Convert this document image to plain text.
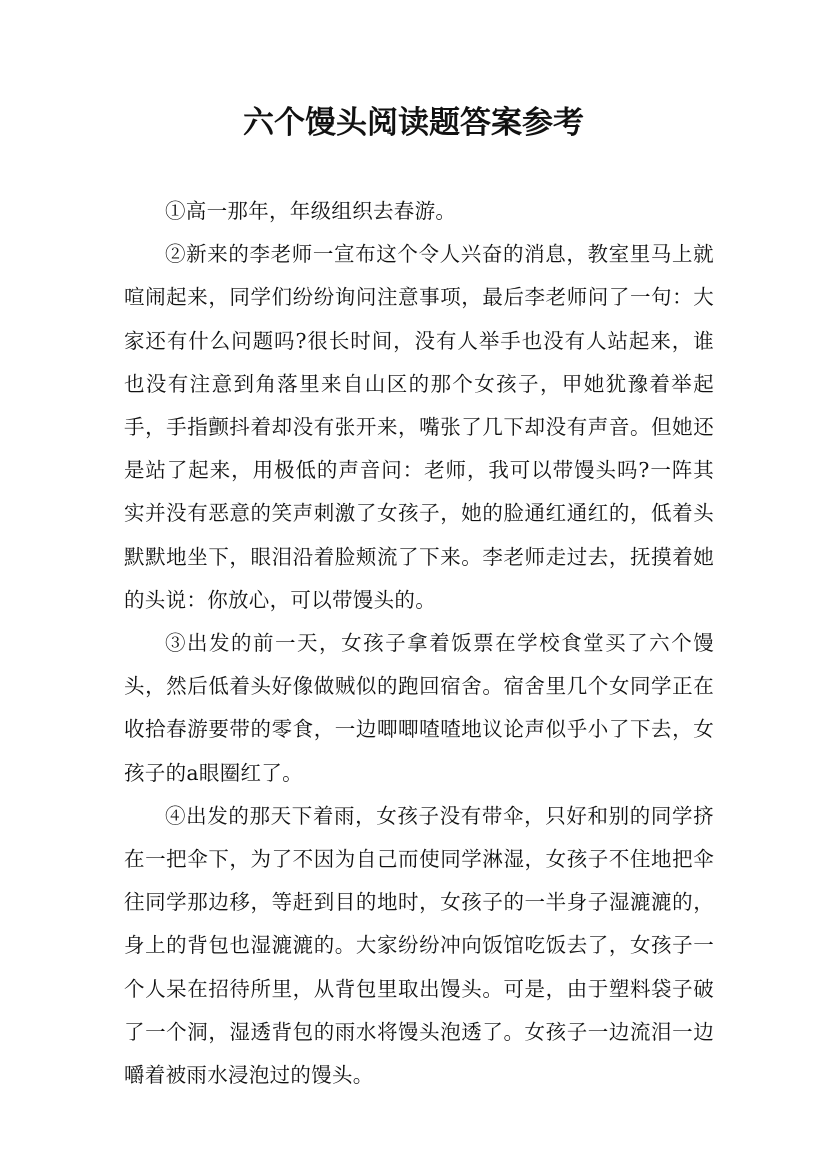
六个馒头阅读题答案参考

①高一那年，年级组织去春游。

②新来的李老师一宣布这个令人兴奋的消息，教室里马上就喧闹起来，同学们纷纷询问注意事项，最后李老师问了一句：大家还有什么问题吗?很长时间，没有人举手也没有人站起来，谁也没有注意到角落里来自山区的那个女孩子，甲她犹豫着举起手，手指颤抖着却没有张开来，嘴张了几下却没有声音。但她还是站了起来，用极低的声音问：老师，我可以带馒头吗?一阵其实并没有恶意的笑声刺激了女孩子，她的脸通红通红的，低着头默默地坐下，眼泪沿着脸颊流了下来。李老师走过去，抚摸着她的头说：你放心，可以带馒头的。

③出发的前一天，女孩子拿着饭票在学校食堂买了六个馒头，然后低着头好像做贼似的跑回宿舍。宿舍里几个女同学正在收拾春游要带的零食，一边唧唧喳喳地议论声似乎小了下去，女孩子的a眼圈红了。

④出发的那天下着雨，女孩子没有带伞，只好和别的同学挤在一把伞下，为了不因为自己而使同学淋湿，女孩子不住地把伞往同学那边移，等赶到目的地时，女孩子的一半身子湿漉漉的，身上的背包也湿漉漉的。大家纷纷冲向饭馆吃饭去了，女孩子一个人呆在招待所里，从背包里取出馒头。可是，由于塑料袋子破了一个洞，湿透背包的雨水将馒头泡透了。女孩子一边流泪一边嚼着被雨水浸泡过的馒头。
